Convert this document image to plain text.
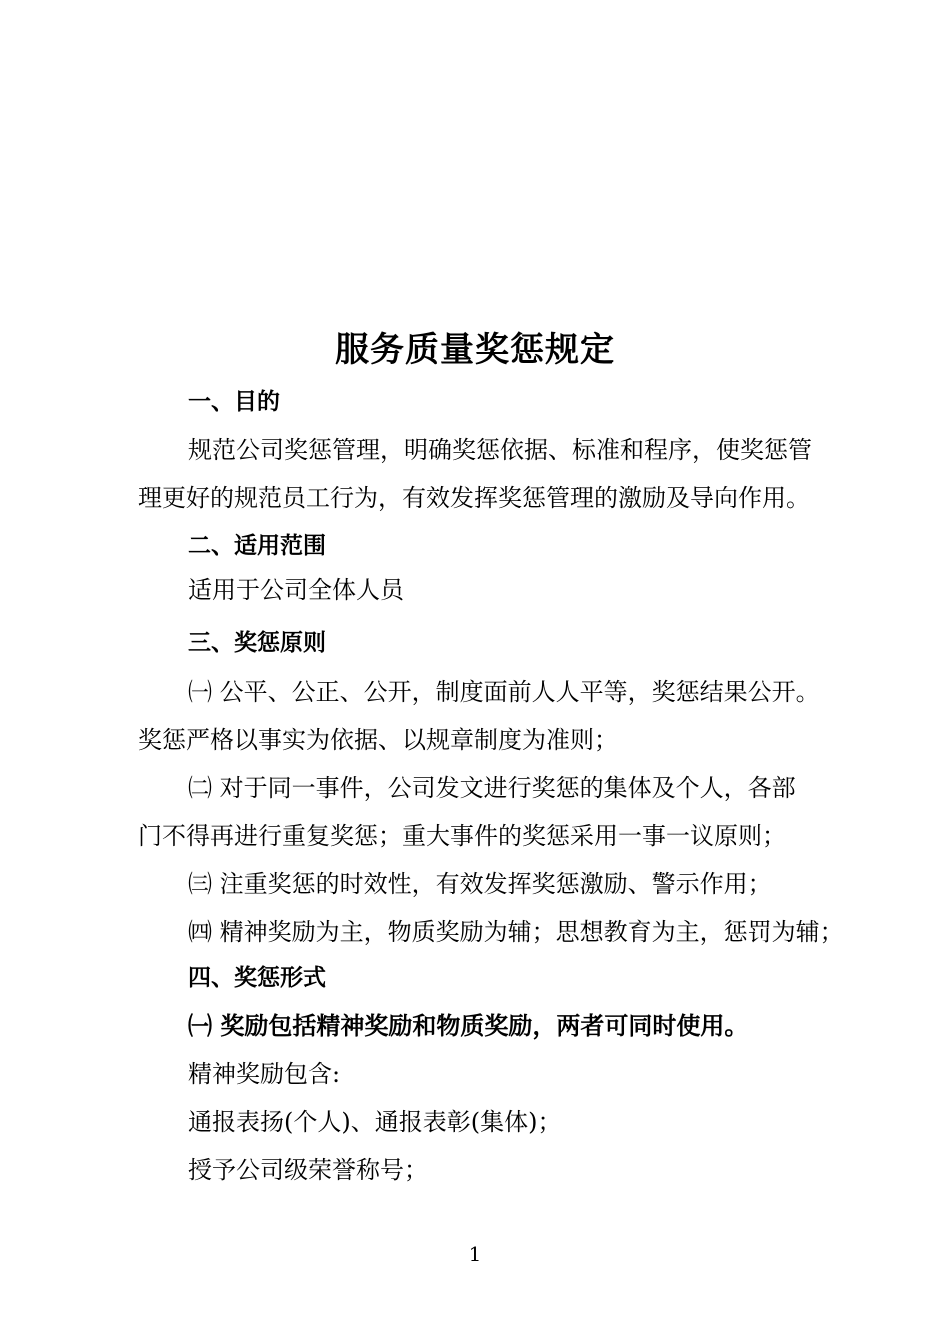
服务质量奖惩规定
一、目的
规范公司奖惩管理，明确奖惩依据、标准和程序，使奖惩管
理更好的规范员工行为，有效发挥奖惩管理的激励及导向作用。
二、适用范围
适用于公司全体人员
三、奖惩原则
㈠ 公平、公正、公开，制度面前人人平等，奖惩结果公开。
奖惩严格以事实为依据、以规章制度为准则；
㈡ 对于同一事件，公司发文进行奖惩的集体及个人，各部
门不得再进行重复奖惩；重大事件的奖惩采用一事一议原则；
㈢ 注重奖惩的时效性，有效发挥奖惩激励、警示作用；
㈣ 精神奖励为主，物质奖励为辅；思想教育为主，惩罚为辅；
四、奖惩形式
㈠ 奖励包括精神奖励和物质奖励，两者可同时使用。
精神奖励包含:
通报表扬(个人)、通报表彰(集体)；
授予公司级荣誉称号；
1
